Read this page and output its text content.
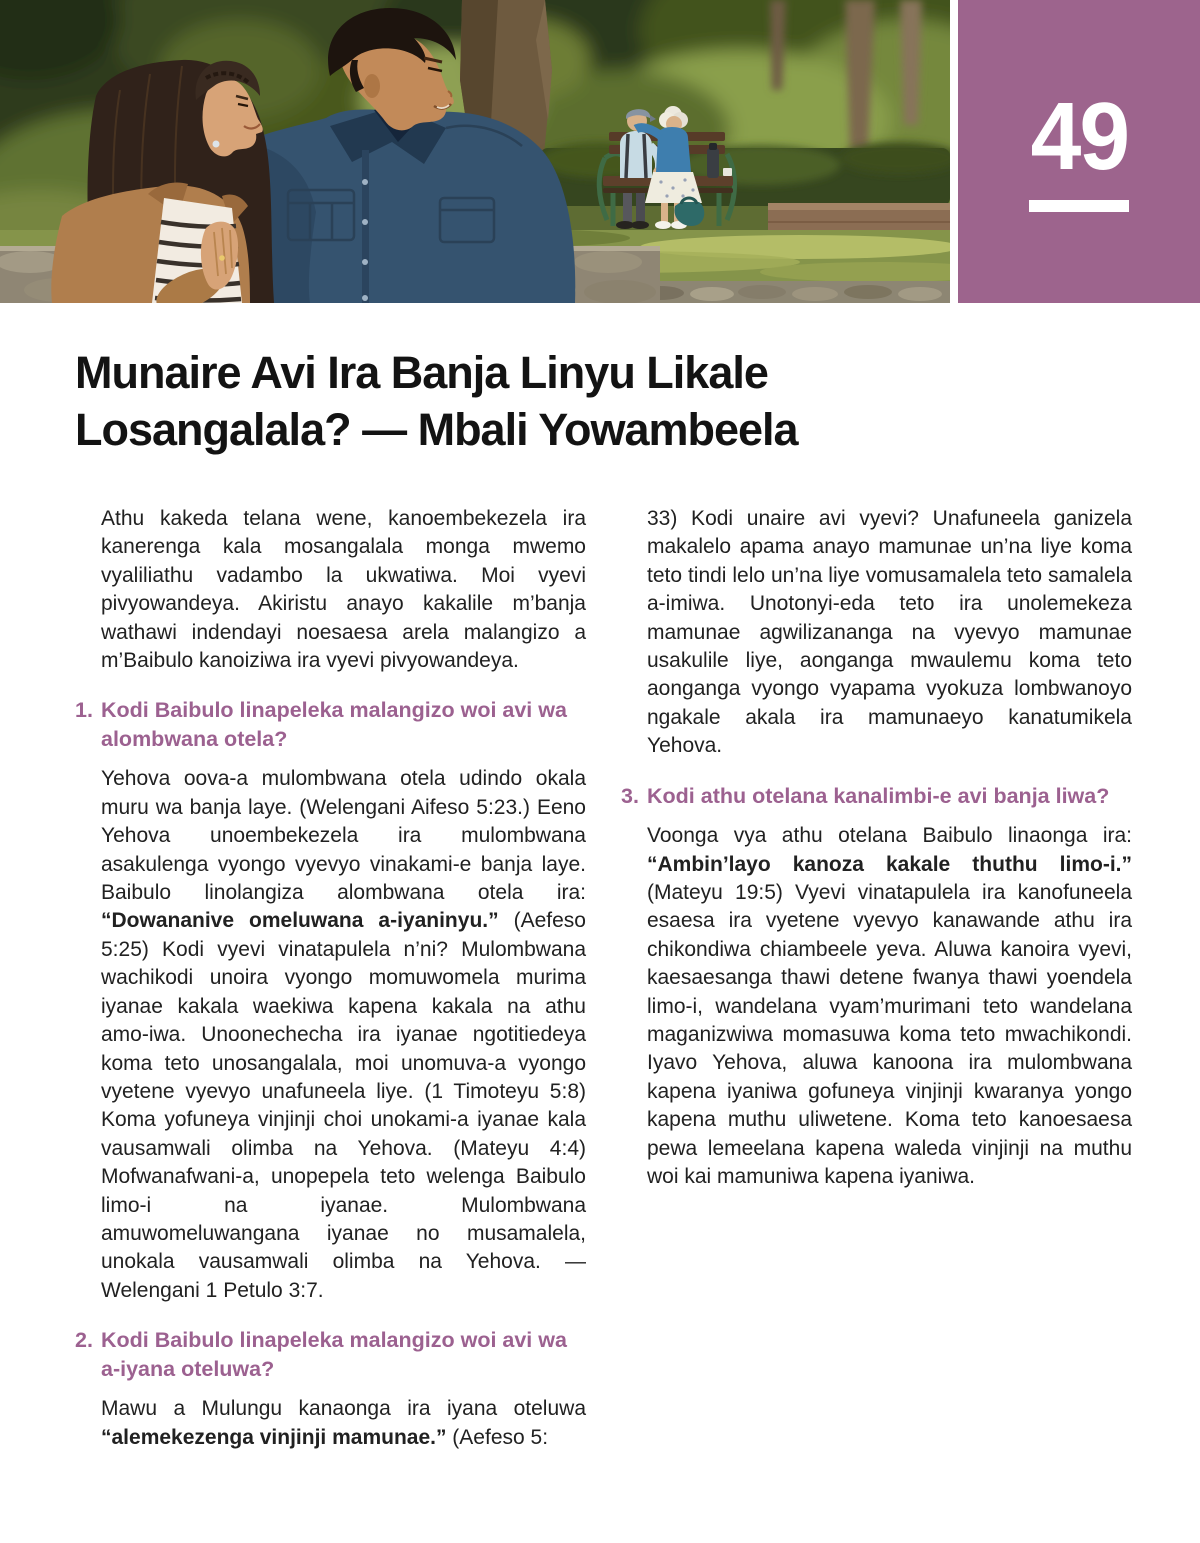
49
Munaire Avi Ira Banja Linyu Likale
Losangalala? — Mbali Yowambeela

Athu kakeda telana wene, kanoembekezela ira kanerenga kala mosangalala monga mwemo vyaliliathu vadambo la ukwatiwa. Moi vyevi pivyowandeya. Akiristu anayo kakalile m’banja wathawi indendayi noesaesa arela malangizo a m’Baibulo kanoiziwa ira vyevi pivyowandeya.

1. Kodi Baibulo linapeleka malangizo woi avi wa alombwana otela?

Yehova oova-a mulombwana otela udindo okala muru wa banja laye. (Welengani Aifeso 5:23.) Eeno Yehova unoembekezela ira mulombwana asakulenga vyongo vyevyo vinakami-e banja laye. Baibulo linolangiza alombwana otela ira: “Dowananive omeluwana a-iyaninyu.” (Aefeso 5:25) Kodi vyevi vinatapulela n’ni? Mulombwana wachikodi unoira vyongo momuwomela murima iyanae kakala waekiwa kapena kakala na athu amo-iwa. Unoonechecha ira iyanae ngotitiedeya koma teto unosangalala, moi unomuva-a vyongo vyetene vyevyo unafuneela liye. (1 Timoteyu 5:8) Koma yofuneya vinjinji choi unokami-a iyanae kala vausamwali olimba na Yehova. (Mateyu 4:4) Mofwanafwani-a, unopepela teto welenga Baibulo limo-i na iyanae. Mulombwana amuwomeluwangana iyanae no musamalela, unokala vausamwali olimba na Yehova. — Welengani 1 Petulo 3:7.

2. Kodi Baibulo linapeleka malangizo woi avi wa a-iyana oteluwa?

Mawu a Mulungu kanaonga ira iyana oteluwa “alemekezenga vinjinji mamunae.” (Aefeso 5:

33) Kodi unaire avi vyevi? Unafuneela ganizela makalelo apama anayo mamunae un’na liye koma teto tindi lelo un’na liye vomusamalela teto samalela a-imiwa. Unotonyi-eda teto ira unolemekeza mamunae agwilizananga na vyevyo mamunae usakulile liye, aonganga mwaulemu koma teto aonganga vyongo vyapama vyokuza lombwanoyo ngakale akala ira mamunaeyo kanatumikela Yehova.

3. Kodi athu otelana kanalimbi-e avi banja liwa?

Voonga vya athu otelana Baibulo linaonga ira: “Ambin’layo kanoza kakale thuthu limo-i.” (Mateyu 19:5) Vyevi vinatapulela ira kanofuneela esaesa ira vyetene vyevyo kanawande athu ira chikondiwa chiambeele yeva. Aluwa kanoira vyevi, kaesaesanga thawi detene fwanya thawi yoendela limo-i, wandelana vyam’murimani teto wandelana maganizwiwa momasuwa koma teto mwachikondi. Iyavo Yehova, aluwa kanoona ira mulombwana kapena iyaniwa gofuneya vinjinji kwaranya yongo kapena muthu uliwetene. Koma teto kanoesaesa pewa lemeelana kapena waleda vinjinji na muthu woi kai mamuniwa kapena iyaniwa.
